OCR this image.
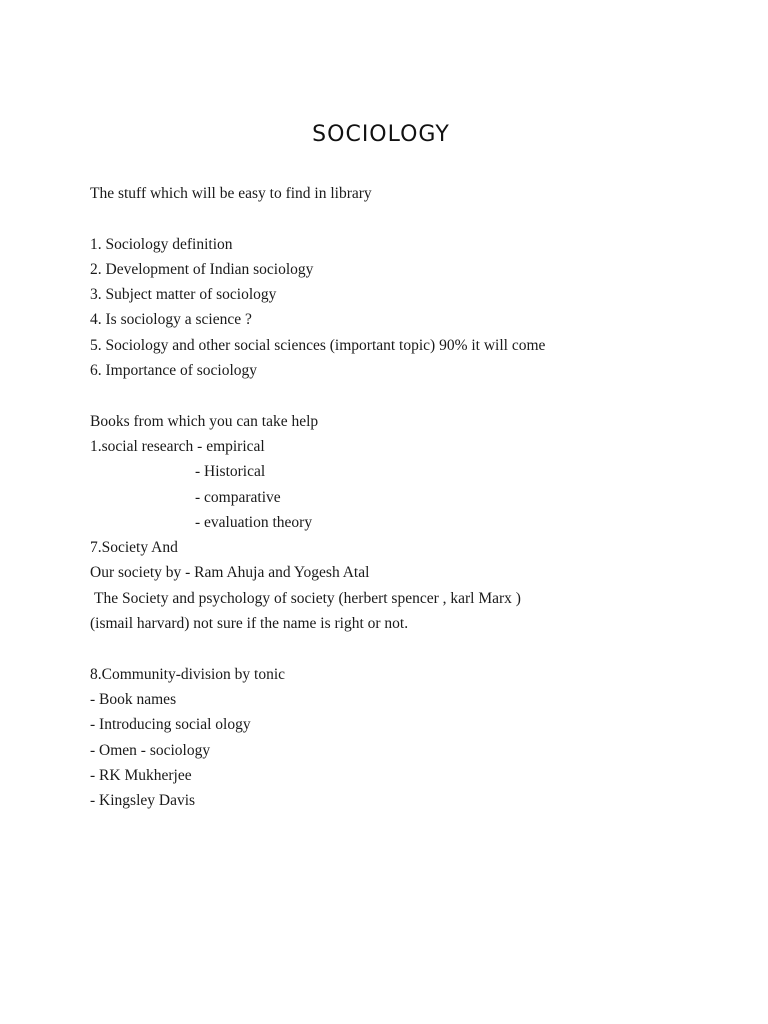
SOCIOLOGY
The stuff which will be easy to find in library
1. Sociology definition
2. Development of Indian sociology
3. Subject matter of sociology
4. Is sociology a science ?
5. Sociology and other social sciences (important topic) 90% it will come
6. Importance of sociology
Books from which you can take help
1.social research - empirical
- Historical
- comparative
- evaluation theory
7.Society And
Our society by - Ram Ahuja and Yogesh Atal
The Society and psychology of society (herbert spencer , karl Marx )
(ismail harvard) not sure if the name is right or not.
8.Community-division by tonic
- Book names
- Introducing social ology
- Omen - sociology
- RK Mukherjee
- Kingsley Davis
